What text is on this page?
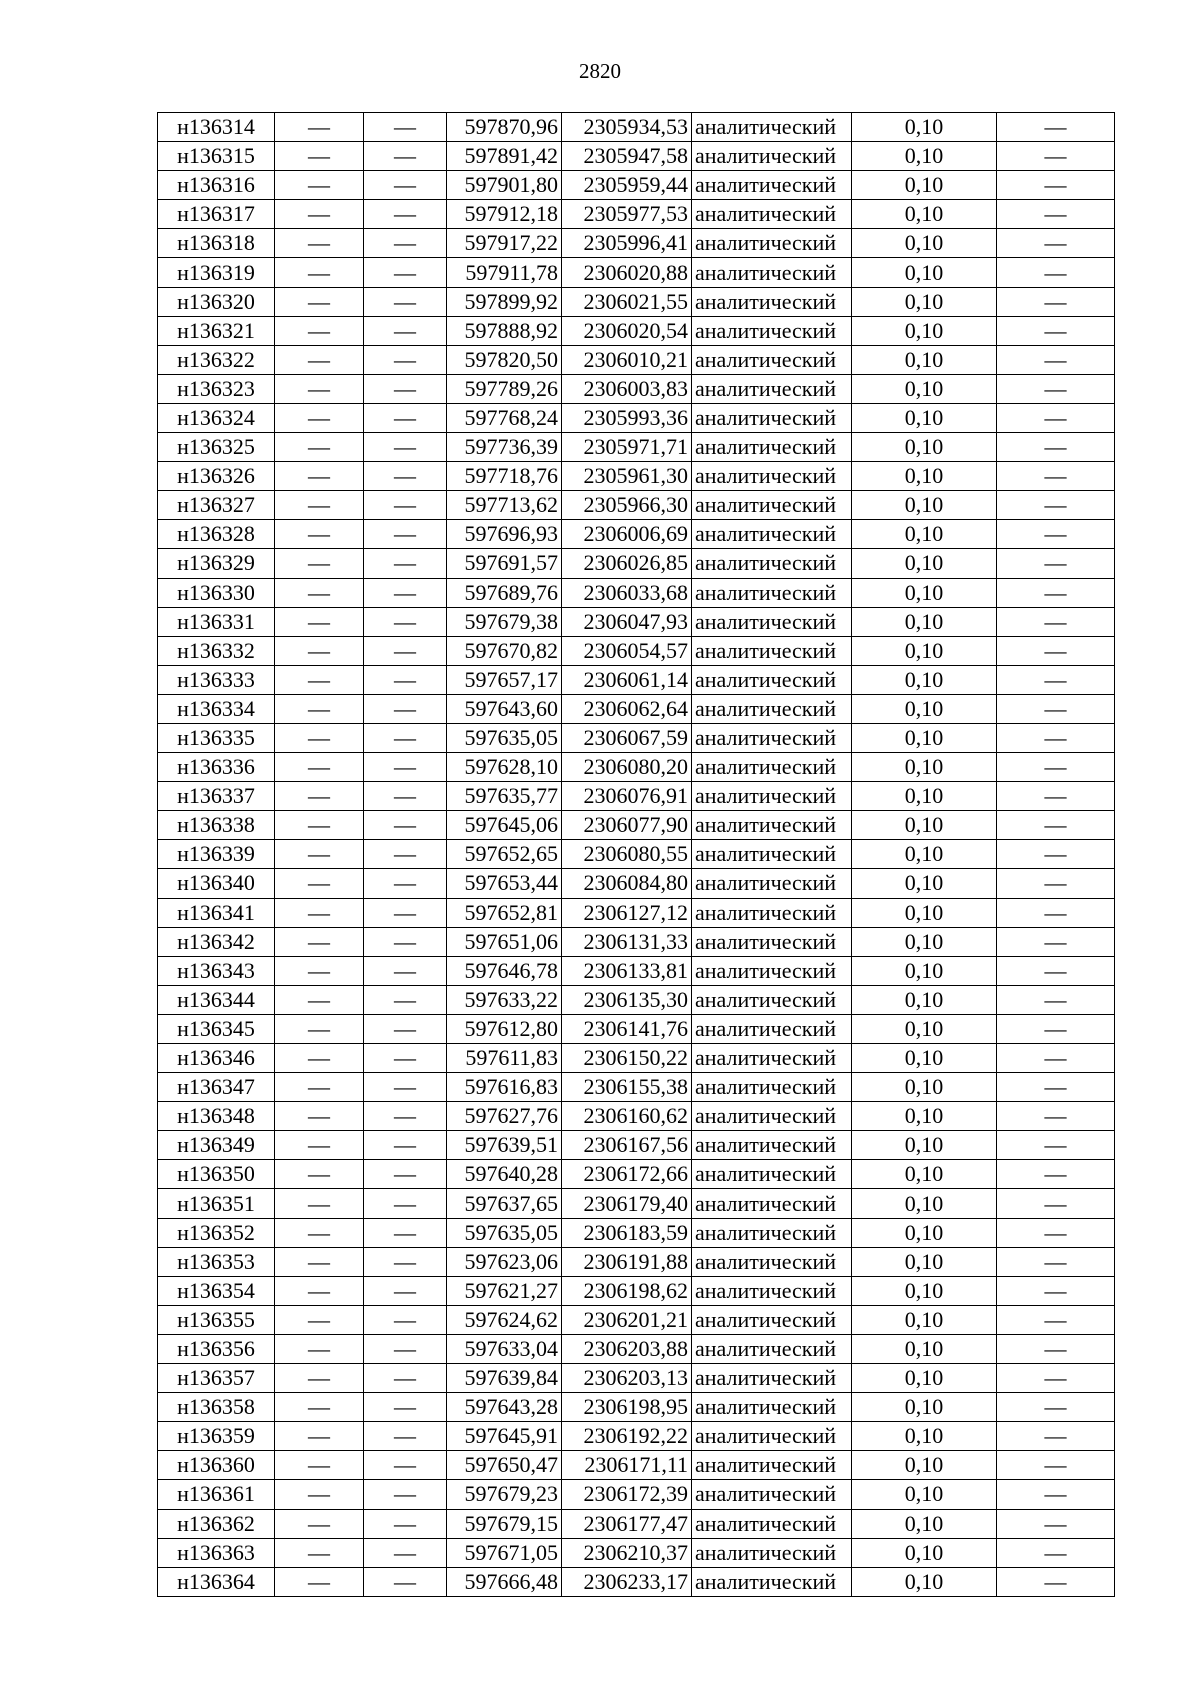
2820
н136314	—	—	597870,96	2305934,53	аналитический	0,10	—
н136315	—	—	597891,42	2305947,58	аналитический	0,10	—
н136316	—	—	597901,80	2305959,44	аналитический	0,10	—
н136317	—	—	597912,18	2305977,53	аналитический	0,10	—
н136318	—	—	597917,22	2305996,41	аналитический	0,10	—
н136319	—	—	597911,78	2306020,88	аналитический	0,10	—
н136320	—	—	597899,92	2306021,55	аналитический	0,10	—
н136321	—	—	597888,92	2306020,54	аналитический	0,10	—
н136322	—	—	597820,50	2306010,21	аналитический	0,10	—
н136323	—	—	597789,26	2306003,83	аналитический	0,10	—
н136324	—	—	597768,24	2305993,36	аналитический	0,10	—
н136325	—	—	597736,39	2305971,71	аналитический	0,10	—
н136326	—	—	597718,76	2305961,30	аналитический	0,10	—
н136327	—	—	597713,62	2305966,30	аналитический	0,10	—
н136328	—	—	597696,93	2306006,69	аналитический	0,10	—
н136329	—	—	597691,57	2306026,85	аналитический	0,10	—
н136330	—	—	597689,76	2306033,68	аналитический	0,10	—
н136331	—	—	597679,38	2306047,93	аналитический	0,10	—
н136332	—	—	597670,82	2306054,57	аналитический	0,10	—
н136333	—	—	597657,17	2306061,14	аналитический	0,10	—
н136334	—	—	597643,60	2306062,64	аналитический	0,10	—
н136335	—	—	597635,05	2306067,59	аналитический	0,10	—
н136336	—	—	597628,10	2306080,20	аналитический	0,10	—
н136337	—	—	597635,77	2306076,91	аналитический	0,10	—
н136338	—	—	597645,06	2306077,90	аналитический	0,10	—
н136339	—	—	597652,65	2306080,55	аналитический	0,10	—
н136340	—	—	597653,44	2306084,80	аналитический	0,10	—
н136341	—	—	597652,81	2306127,12	аналитический	0,10	—
н136342	—	—	597651,06	2306131,33	аналитический	0,10	—
н136343	—	—	597646,78	2306133,81	аналитический	0,10	—
н136344	—	—	597633,22	2306135,30	аналитический	0,10	—
н136345	—	—	597612,80	2306141,76	аналитический	0,10	—
н136346	—	—	597611,83	2306150,22	аналитический	0,10	—
н136347	—	—	597616,83	2306155,38	аналитический	0,10	—
н136348	—	—	597627,76	2306160,62	аналитический	0,10	—
н136349	—	—	597639,51	2306167,56	аналитический	0,10	—
н136350	—	—	597640,28	2306172,66	аналитический	0,10	—
н136351	—	—	597637,65	2306179,40	аналитический	0,10	—
н136352	—	—	597635,05	2306183,59	аналитический	0,10	—
н136353	—	—	597623,06	2306191,88	аналитический	0,10	—
н136354	—	—	597621,27	2306198,62	аналитический	0,10	—
н136355	—	—	597624,62	2306201,21	аналитический	0,10	—
н136356	—	—	597633,04	2306203,88	аналитический	0,10	—
н136357	—	—	597639,84	2306203,13	аналитический	0,10	—
н136358	—	—	597643,28	2306198,95	аналитический	0,10	—
н136359	—	—	597645,91	2306192,22	аналитический	0,10	—
н136360	—	—	597650,47	2306171,11	аналитический	0,10	—
н136361	—	—	597679,23	2306172,39	аналитический	0,10	—
н136362	—	—	597679,15	2306177,47	аналитический	0,10	—
н136363	—	—	597671,05	2306210,37	аналитический	0,10	—
н136364	—	—	597666,48	2306233,17	аналитический	0,10	—
